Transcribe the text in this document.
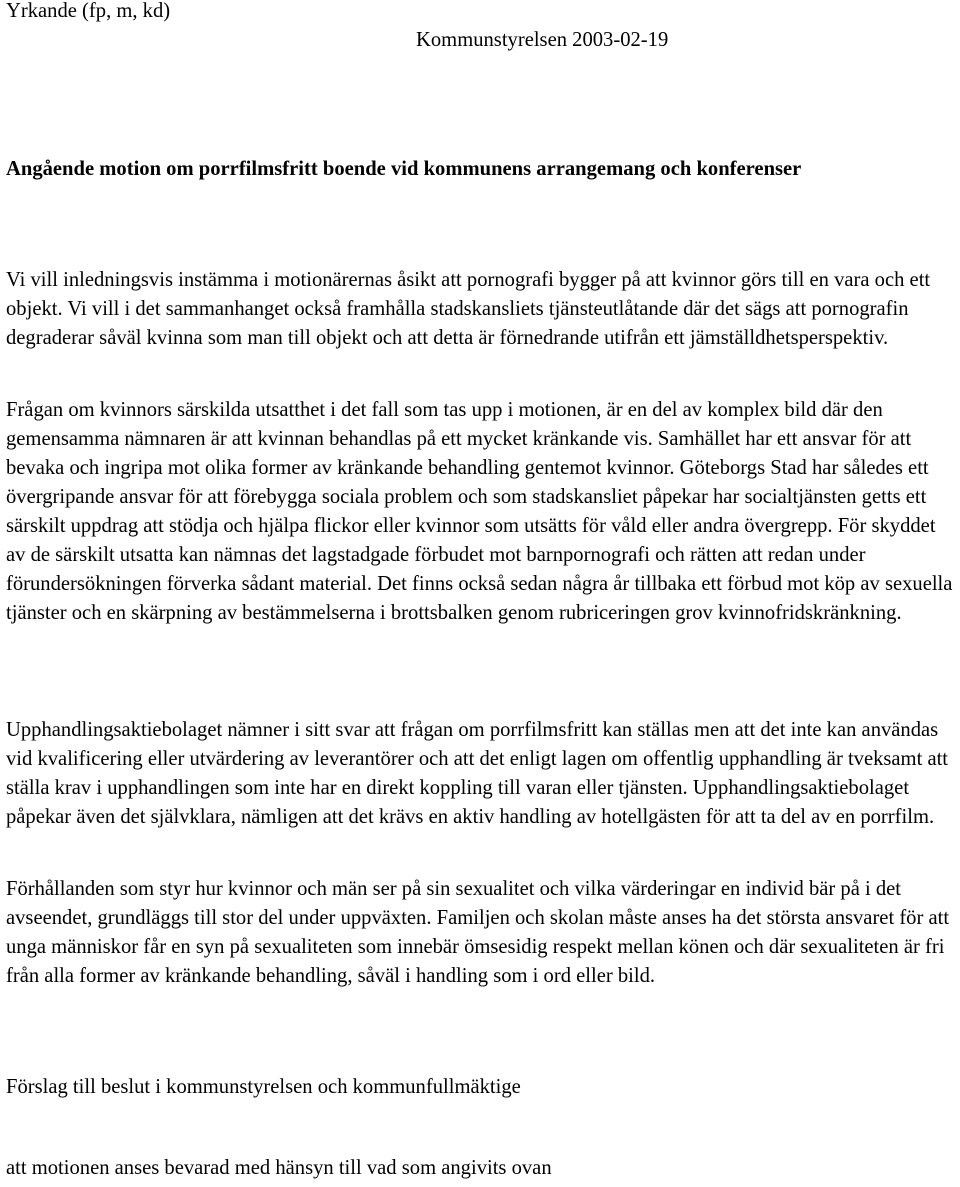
Yrkande (fp, m, kd)
Kommunstyrelsen 2003-02-19
Angående motion om porrfilmsfritt boende vid kommunens arrangemang och konferenser

Vi vill inledningsvis instämma i motionärernas åsikt att pornografi bygger på att kvinnor görs till en vara och ett objekt. Vi vill i det sammanhanget också framhålla stadskansliets tjänsteutlåtande där det sägs att pornografin degraderar såväl kvinna som man till objekt och att detta är förnedrande utifrån ett jämställdhetsperspektiv.

Frågan om kvinnors särskilda utsatthet i det fall som tas upp i motionen, är en del av komplex bild där den gemensamma nämnaren är att kvinnan behandlas på ett mycket kränkande vis. Samhället har ett ansvar för att bevaka och ingripa mot olika former av kränkande behandling gentemot kvinnor. Göteborgs Stad har således ett övergripande ansvar för att förebygga sociala problem och som stadskansliet påpekar har socialtjänsten getts ett särskilt uppdrag att stödja och hjälpa flickor eller kvinnor som utsätts för våld eller andra övergrepp. För skyddet av de särskilt utsatta kan nämnas det lagstadgade förbudet mot barnpornografi och rätten att redan under förundersökningen förverka sådant material. Det finns också sedan några år tillbaka ett förbud mot köp av sexuella tjänster och en skärpning av bestämmelserna i brottsbalken genom rubriceringen grov kvinnofridskränkning.

Upphandlingsaktiebolaget nämner i sitt svar att frågan om porrfilmsfritt kan ställas men att det inte kan användas vid kvalificering eller utvärdering av leverantörer och att det enligt lagen om offentlig upphandling är tveksamt att ställa krav i upphandlingen som inte har en direkt koppling till varan eller tjänsten. Upphandlingsaktiebolaget påpekar även det självklara, nämligen att det krävs en aktiv handling av hotellgästen för att ta del av en porrfilm.

Förhållanden som styr hur kvinnor och män ser på sin sexualitet och vilka värderingar en individ bär på i det avseendet, grundläggs till stor del under uppväxten. Familjen och skolan måste anses ha det största ansvaret för att unga människor får en syn på sexualiteten som innebär ömsesidig respekt mellan könen och där sexualiteten är fri från alla former av kränkande behandling, såväl i handling som i ord eller bild.

Förslag till beslut i kommunstyrelsen och kommunfullmäktige
att motionen anses bevarad med hänsyn till vad som angivits ovan
